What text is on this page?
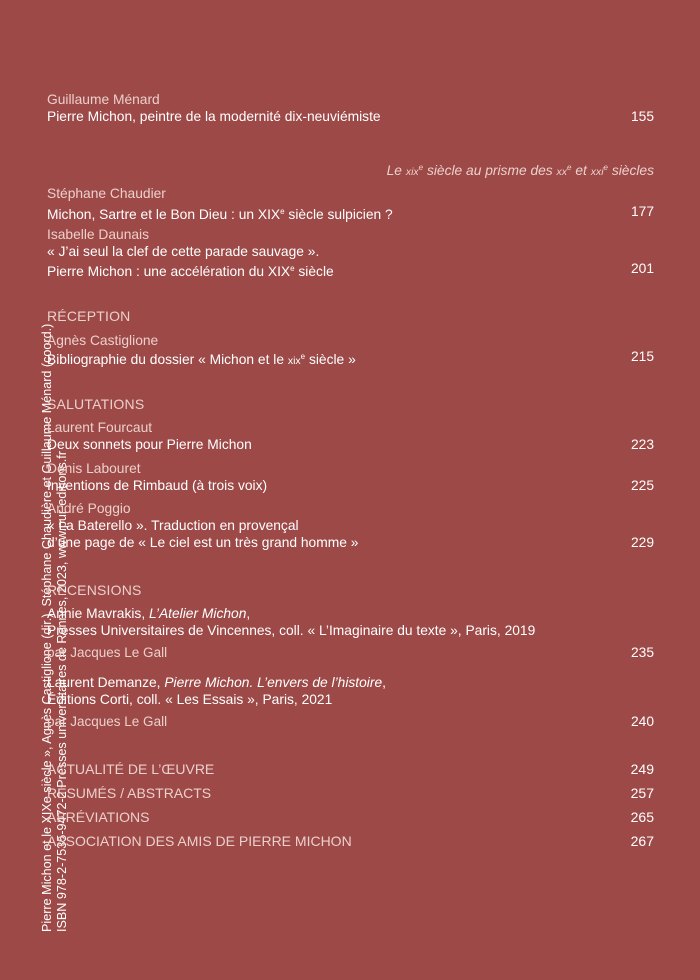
Pierre Michon et le XIXe siècle », Agnès Castiglione (dir.), Stéphane Chaudière et Guillaume Ménard (coord.) ISBN 978-2-7535-9472-2 Presses universitaires de Rennes, 2023, www.pur-editions.fr
Guillaume Ménard
Pierre Michon, peintre de la modernité dix-neuviémiste	155
Le xix$^e$ siècle au prisme des $xx^e$ et xxi$^e$ siècles
Stéphane Chaudier
Michon, Sartre et le Bon Dieu : un XIXe siècle sulpicien ?	177
Isabelle Daunais
« J’ai seul la clef de cette parade sauvage ».
Pierre Michon : une accélération du XIXe siècle	201
RÉCEPTION
Agnès Castiglione
Bibliographie du dossier « Michon et le xix$^e$ siècle »	215
SALUTATIONS
Laurent Fourcaut
Deux sonnets pour Pierre Michon	223
Denis Labouret
Inventions de Rimbaud (à trois voix)	225
André Poggio
« La Baterello ». Traduction en provençal
d’une page de « Le ciel est un très grand homme »	229
RECENSIONS
Annie Mavrakis, L’Atelier Michon,
Presses Universitaires de Vincennes, coll. « L’Imaginaire du texte », Paris, 2019
par Jacques Le Gall	235
Laurent Demanze, Pierre Michon. L’envers de l’histoire,
Éditions Corti, coll. « Les Essais », Paris, 2021
par Jacques Le Gall	240
ACTUALITÉ DE L’ŒUVRE	249
RÉSUMÉS / ABSTRACTS	257
ABRÉVIATIONS	265
ASSOCIATION DES AMIS DE PIERRE MICHON	267
